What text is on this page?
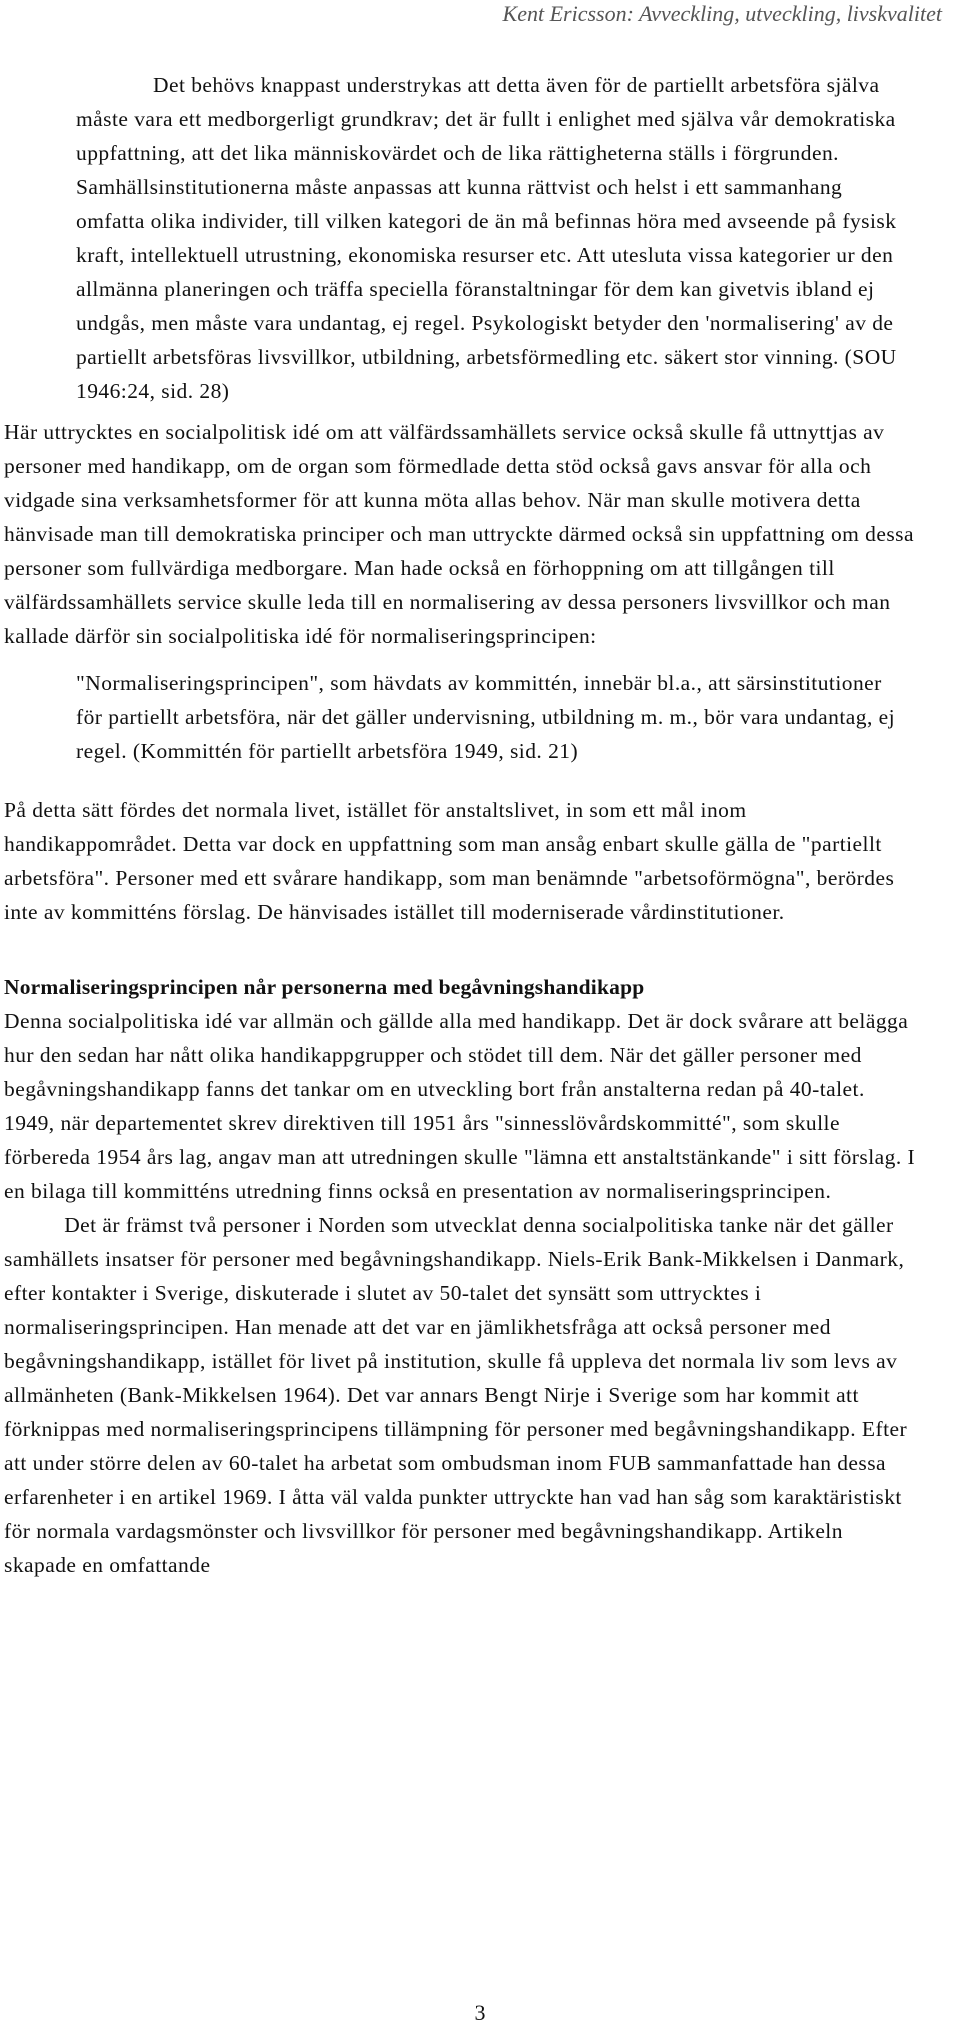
Kent Ericsson: Avveckling, utveckling, livskvalitet

Det behövs knappast understrykas att detta även för de partiellt arbetsföra själva måste vara ett medborgerligt grundkrav; det är fullt i enlighet med själva vår demokratiska uppfattning, att det lika människovärdet och de lika rättigheterna ställs i förgrunden. Samhällsinstitutionerna måste anpassas att kunna rättvist och helst i ett sammanhang omfatta olika individer, till vilken kategori de än må befinnas höra med avseende på fysisk kraft, intellektuell utrustning, ekonomiska resurser etc. Att utesluta vissa kategorier ur den allmänna planeringen och träffa speciella föranstaltningar för dem kan givetvis ibland ej undgås, men måste vara undantag, ej regel. Psykologiskt betyder den 'normalisering' av de partiellt arbetsföras livsvillkor, utbildning, arbetsförmedling etc. säkert stor vinning. (SOU 1946:24, sid. 28)

Här uttrycktes en socialpolitisk idé om att välfärdssamhällets service också skulle få uttnyttjas av personer med handikapp, om de organ som förmedlade detta stöd också gavs ansvar för alla och vidgade sina verksamhetsformer för att kunna möta allas behov. När man skulle motivera detta hänvisade man till demokratiska principer och man uttryckte därmed också sin uppfattning om dessa personer som fullvärdiga medborgare. Man hade också en förhoppning om att tillgången till välfärdssamhällets service skulle leda till en normalisering av dessa personers livsvillkor och man kallade därför sin socialpolitiska idé för normaliseringsprincipen:

"Normaliseringsprincipen", som hävdats av kommittén, innebär bl.a., att särsinstitutioner för partiellt arbetsföra, när det gäller undervisning, utbildning m. m., bör vara undantag, ej regel. (Kommittén för partiellt arbetsföra 1949, sid. 21)

På detta sätt fördes det normala livet, istället för anstaltslivet, in som ett mål inom handikappområdet. Detta var dock en uppfattning som man ansåg enbart skulle gälla de "partiellt arbetsföra". Personer med ett svårare handikapp, som man benämnde "arbetsoförmögna", berördes inte av kommitténs förslag. De hänvisades istället till moderniserade vårdinstitutioner.

Normaliseringsprincipen når personerna med begåvningshandikapp

Denna socialpolitiska idé var allmän och gällde alla med handikapp. Det är dock svårare att belägga hur den sedan har nått olika handikappgrupper och stödet till dem. När det gäller personer med begåvningshandikapp fanns det tankar om en utveckling bort från anstalterna redan på 40-talet. 1949, när departementet skrev direktiven till 1951 års "sinnesslövårdskommitté", som skulle förbereda 1954 års lag, angav man att utredningen skulle "lämna ett anstaltstänkande" i sitt förslag. I en bilaga till kommitténs utredning finns också en presentation av normaliseringsprincipen.

Det är främst två personer i Norden som utvecklat denna socialpolitiska tanke när det gäller samhällets insatser för personer med begåvningshandikapp. Niels-Erik Bank-Mikkelsen i Danmark, efter kontakter i Sverige, diskuterade i slutet av 50-talet det synsätt som uttrycktes i normaliseringsprincipen. Han menade att det var en jämlikhetsfråga att också personer med begåvningshandikapp, istället för livet på institution, skulle få uppleva det normala liv som levs av allmänheten (Bank-Mikkelsen 1964). Det var annars Bengt Nirje i Sverige som har kommit att förknippas med normaliseringsprincipens tillämpning för personer med begåvningshandikapp. Efter att under större delen av 60-talet ha arbetat som ombudsman inom FUB sammanfattade han dessa erfarenheter i en artikel 1969. I åtta väl valda punkter uttryckte han vad han såg som karaktäristiskt för normala vardagsmönster och livsvillkor för personer med begåvningshandikapp. Artikeln skapade en omfattande

3
